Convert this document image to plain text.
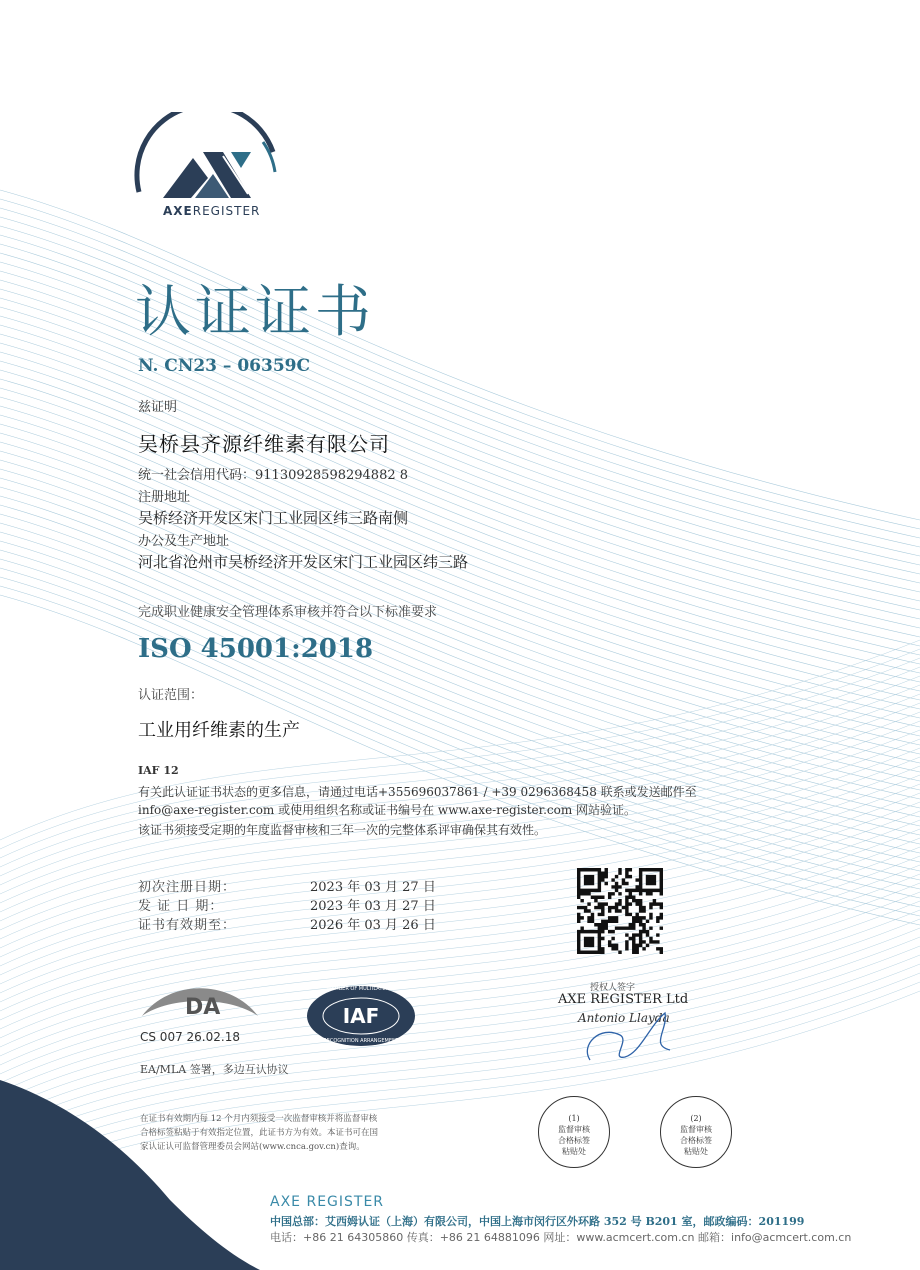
AXEREGISTER
认证证书
N. CN23 – 06359C
兹证明
吴桥县齐源纤维素有限公司
统一社会信用代码：91130928598294882 8
注册地址
吴桥经济开发区宋门工业园区纬三路南侧
办公及生产地址
河北省沧州市吴桥经济开发区宋门工业园区纬三路
完成职业健康安全管理体系审核并符合以下标准要求
ISO 45001:2018
认证范围：
工业用纤维素的生产
IAF 12
有关此认证证书状态的更多信息，请通过电话+355696037861 / +39 0296368458 联系或发送邮件至
info@axe-register.com 或使用组织名称或证书编号在 www.axe-register.com 网站验证。
该证书须接受定期的年度监督审核和三年一次的完整体系评审确保其有效性。
初次注册日期：	2023 年 03 月 27 日
发 证 日 期：	2023 年 03 月 27 日
证书有效期至：	2026 年 03 月 26 日
授权人签字
AXE REGISTER Ltd
Antonio Llayda
DA
CS 007 26.02.18
MEMBER OF MULTILATERAL
IAF
RECOGNITION ARRANGEMENT
EA/MLA 签署，多边互认协议
在证书有效期内每 12 个月内须接受一次监督审核并将监督审核
合格标签粘贴于有效指定位置，此证书方为有效。本证书可在国
家认证认可监督管理委员会网站(www.cnca.gov.cn)查询。
(1)
监督审核
合格标签
粘贴处
(2)
监督审核
合格标签
粘贴处
AXE REGISTER
中国总部：艾西姆认证（上海）有限公司，中国上海市闵行区外环路 352 号 B201 室，邮政编码：201199
电话：+86 21 64305860 传真：+86 21 64881096 网址：www.acmcert.com.cn 邮箱：info@acmcert.com.cn
